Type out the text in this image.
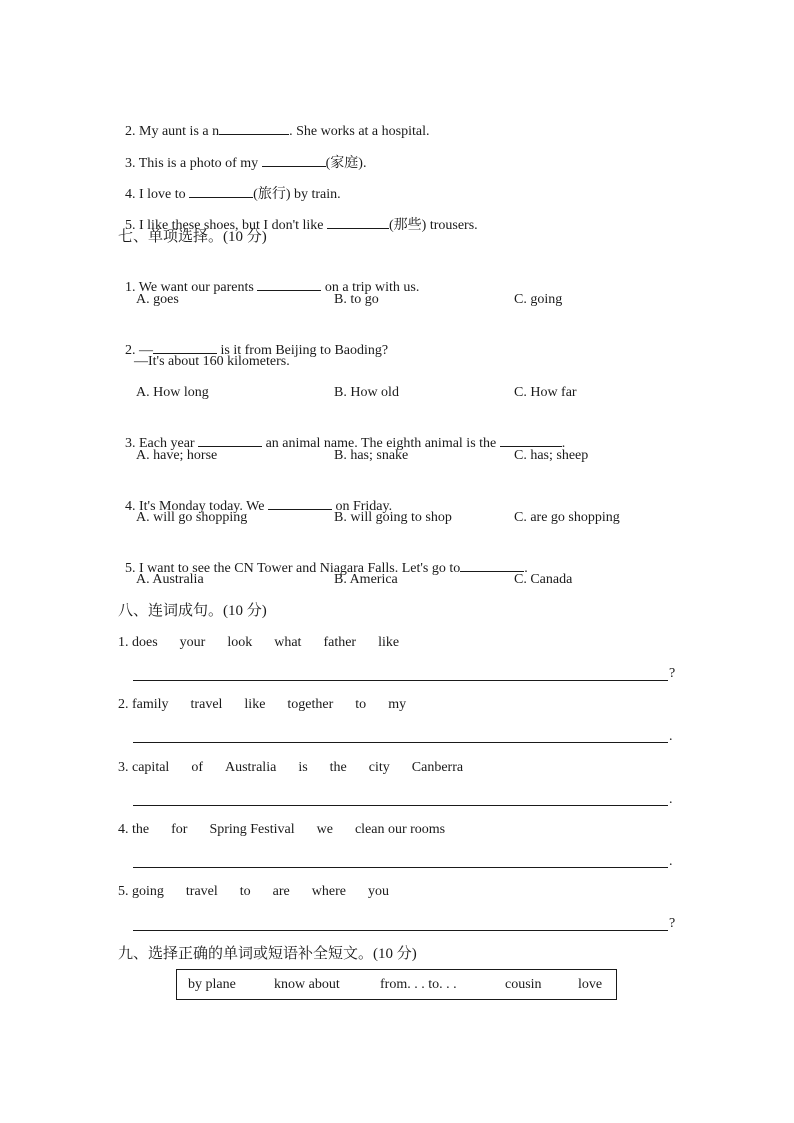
2. My aunt is a n	. She works at a hospital.

3. This is a photo of my	(家庭).

4. I love to	(旅行) by train.

5. I like these shoes, but I don't like	(那些) trousers.

七、单项选择。(10 分)

1. We want our parents	on a trip with us.

A. goes	B. to go	C. going

2. —	is it from Beijing to Baoding?

—It's about 160 kilometers.
A. How long	B. How old	C. How far

3. Each year	an animal name. The eighth animal is the	.

A. have; horse	B. has; snake	C. has; sheep

4. It's Monday today. We	on Friday.

A. will go shopping	B. will going to shop	C. are go shopping

5. I want to see the CN Tower and Niagara Falls. Let's go to	.

A. Australia	B. America	C. Canada
八、连词成句。(10 分)
1. does your look what father like
?
2. family travel like together to my
.
3. capital of Australia is the city Canberra
.
4. the for Spring Festival we clean our rooms
.
5. going travel to are where you
?
九、选择正确的单词或短语补全短文。(10 分)
by plane	know about	from. . . to. . .	cousin	love
